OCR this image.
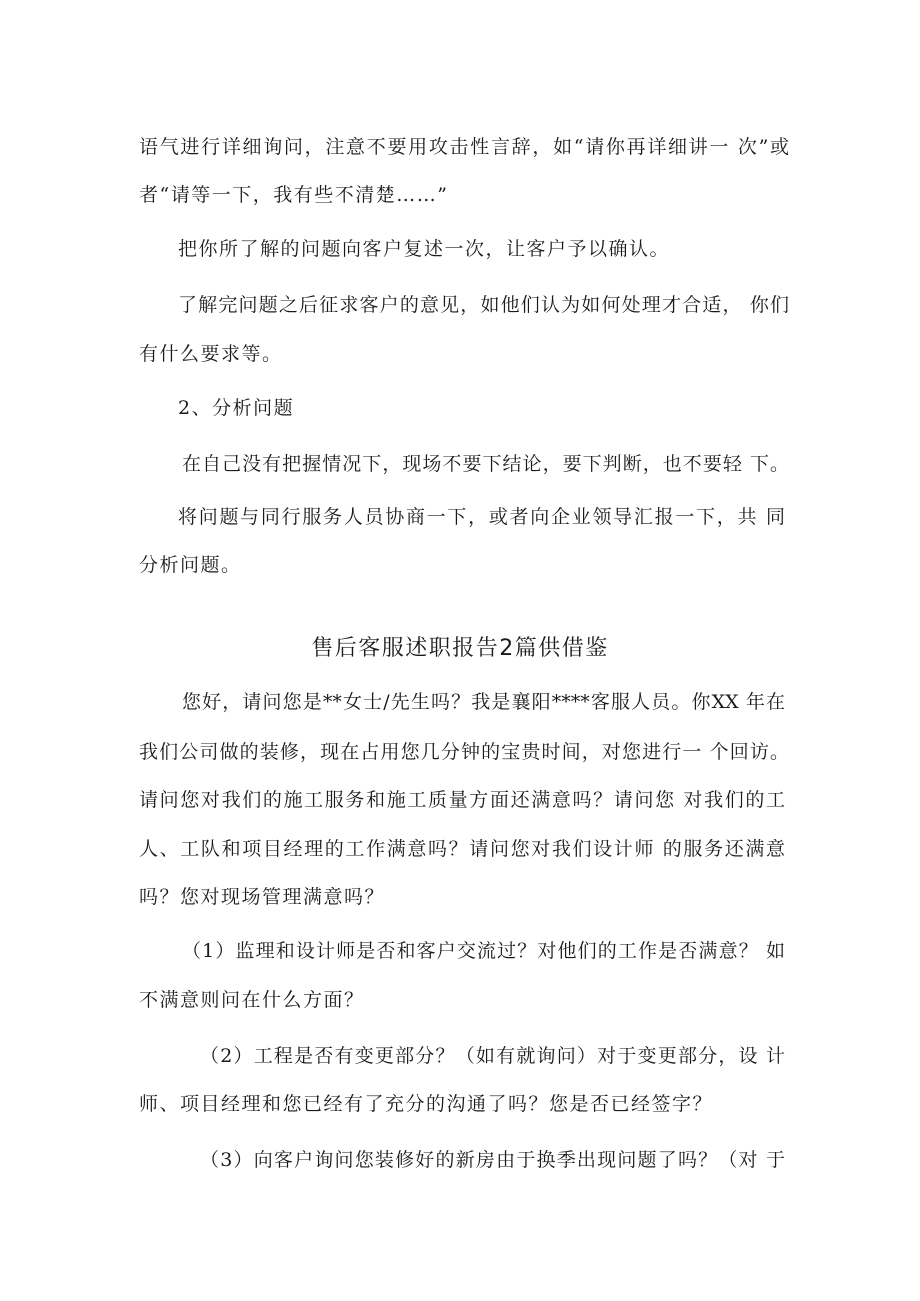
语气进行详细询问，注意不要用攻击性言辞，如“请你再详细讲一 次”或
者“请等一下，我有些不清楚……”
把你所了解的问题向客户复述一次，让客户予以确认。
了解完问题之后征求客户的意见，如他们认为如何处理才合适， 你们
有什么要求等。
2、分析问题
在自己没有把握情况下，现场不要下结论，要下判断，也不要轻 下。
将问题与同行服务人员协商一下，或者向企业领导汇报一下，共 同
分析问题。
售后客服述职报告2篇供借鉴
您好，请问您是**女士/先生吗？我是襄阳****客服人员。你XX 年在
我们公司做的装修，现在占用您几分钟的宝贵时间，对您进行一 个回访。
请问您对我们的施工服务和施工质量方面还满意吗？请问您 对我们的工
人、工队和项目经理的工作满意吗？请问您对我们设计师 的服务还满意
吗？您对现场管理满意吗？
（1）监理和设计师是否和客户交流过？对他们的工作是否满意？ 如
不满意则问在什么方面？
（2）工程是否有变更部分？（如有就询问）对于变更部分，设 计
师、项目经理和您已经有了充分的沟通了吗？您是否已经签字？
（3）向客户询问您装修好的新房由于换季出现问题了吗？（对 于
